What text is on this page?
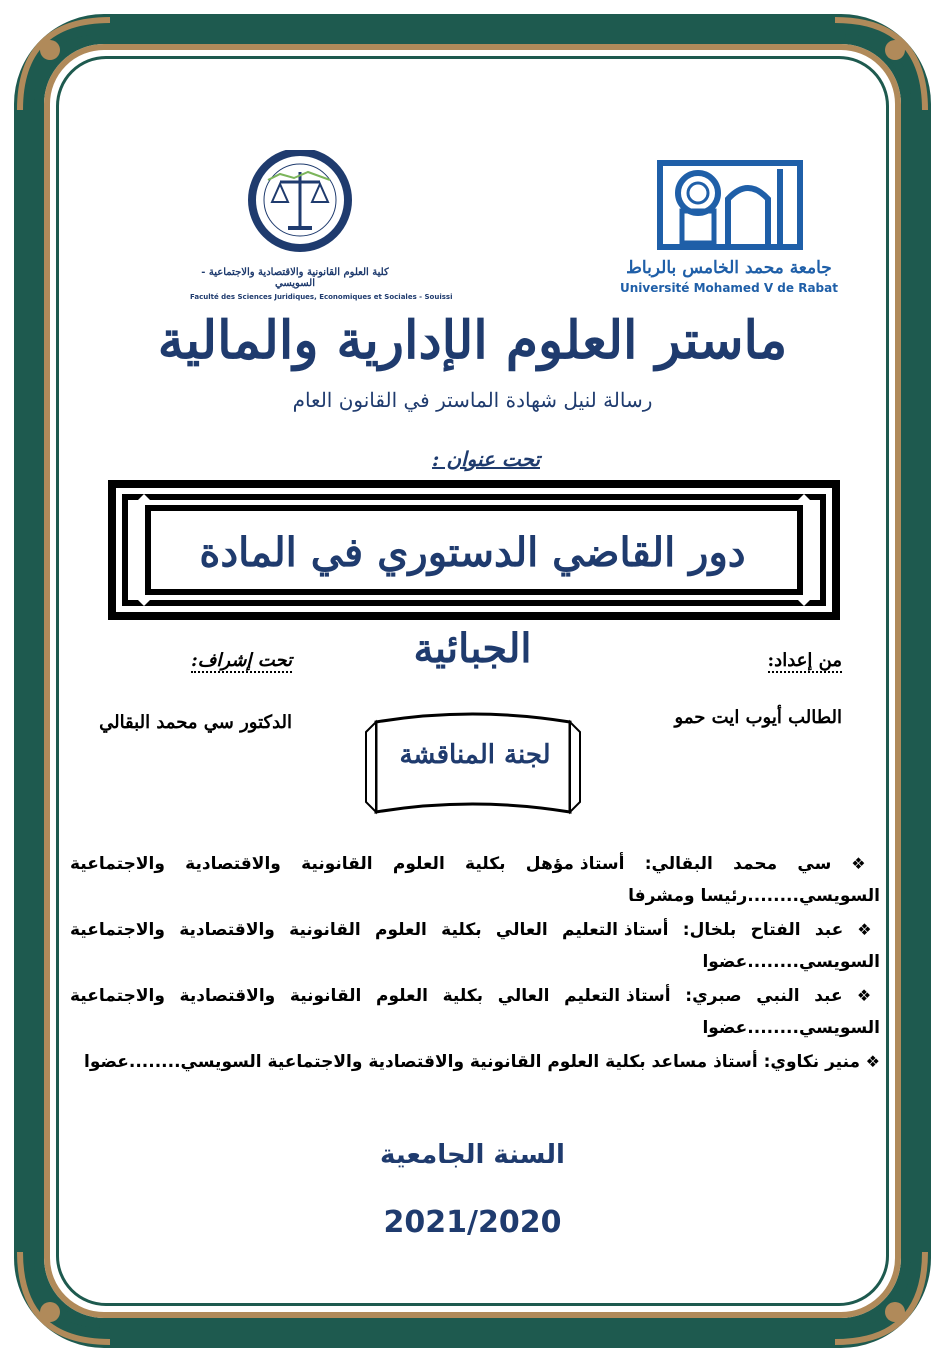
كلية العلوم القانونية والاقتصادية والاجتماعية - السويسي
Faculté des Sciences Juridiques, Economiques et Sociales - Souissi
جامعة محمد الخامس بالرباط
Université Mohamed V de Rabat
ماستر العلوم الإدارية والمالية
رسالة لنيل شهادة الماستر في القانون العام
تحت عنوان :
دور القاضي الدستوري في المادة الجبائية	من إعداد:
تحت إشراف:
الطالب أيوب ايت حمو
الدكتور سي محمد البقالي
لجنة المناقشة
❖ سي محمد البقالي: أستاذ مؤهل بكلية العلوم القانونية والاقتصادية والاجتماعية السويسي........رئيسا ومشرفا
❖ عبد الفتاح بلخال: أستاذ التعليم العالي بكلية العلوم القانونية والاقتصادية والاجتماعية السويسي........عضوا
❖ عبد النبي صبري: أستاذ التعليم العالي بكلية العلوم القانونية والاقتصادية والاجتماعية السويسي........عضوا
❖ منير نكاوي: أستاذ مساعد بكلية العلوم القانونية والاقتصادية والاجتماعية السويسي........عضوا
السنة الجامعية
2021/2020
